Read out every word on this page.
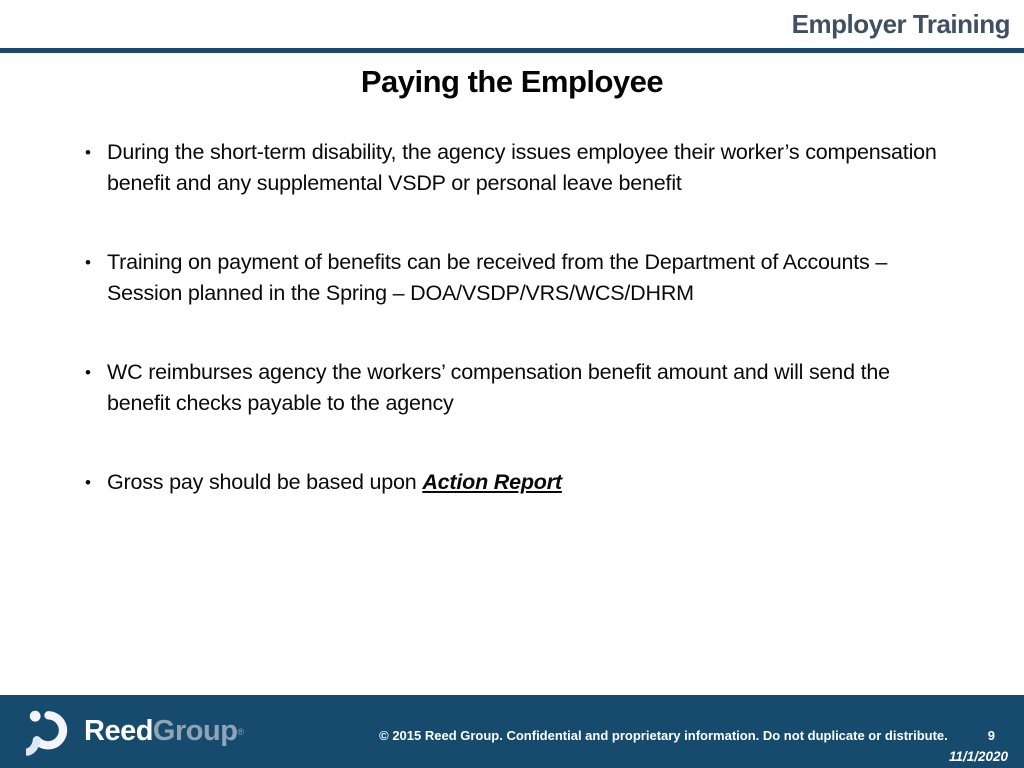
Employer Training
Paying the Employee
• During the short-term disability, the agency issues employee their worker’s compensation benefit and any supplemental VSDP or personal leave benefit
• Training on payment of benefits can be received from the Department of Accounts – Session planned in the Spring – DOA/VSDP/VRS/WCS/DHRM
• WC reimburses agency the workers’ compensation benefit amount and will send the benefit checks payable to the agency
• Gross pay should be based upon Action Report
Reed Group ®	© 2015 Reed Group. Confidential and proprietary information. Do not duplicate or distribute.	9
11/1/2020
